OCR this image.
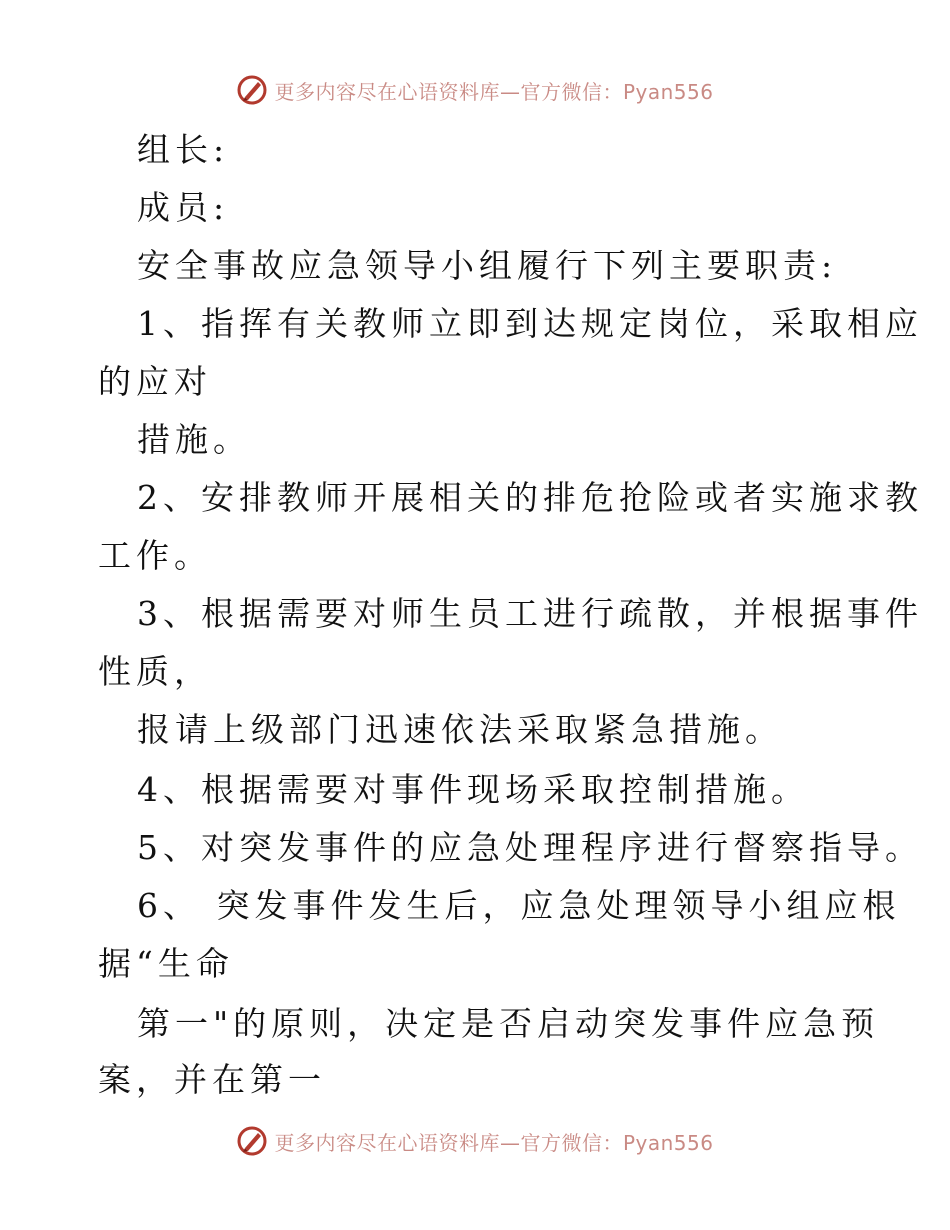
更多内容尽在心语资料库—官方微信：Pyan556
组长:
成员:
安全事故应急领导小组履行下列主要职责:
1、指挥有关教师立即到达规定岗位，采取相应
的应对
措施。
2、安排教师开展相关的排危抢险或者实施求教
工作。
3、根据需要对师生员工进行疏散，并根据事件
性质，
报请上级部门迅速依法采取紧急措施。
4、根据需要对事件现场采取控制措施。
5、对突发事件的应急处理程序进行督察指导。
6、 突发事件发生后，应急处理领导小组应根
据“生命
第一"的原则，决定是否启动突发事件应急预
案，并在第一
更多内容尽在心语资料库—官方微信：Pyan556
